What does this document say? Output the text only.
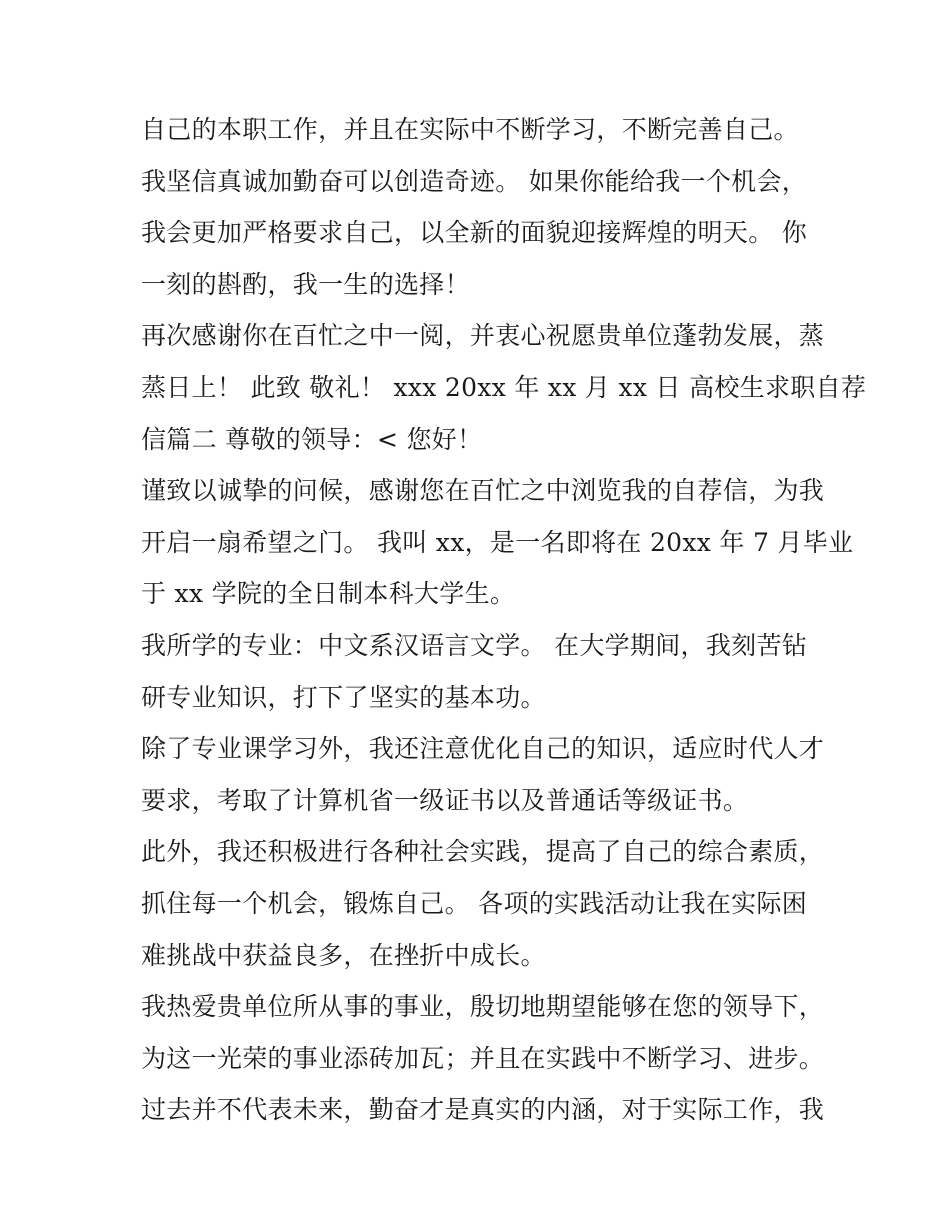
自己的本职工作，并且在实际中不断学习，不断完善自己。
我坚信真诚加勤奋可以创造奇迹。 如果你能给我一个机会，
我会更加严格要求自己，以全新的面貌迎接辉煌的明天。 你
一刻的斟酌，我一生的选择！
再次感谢你在百忙之中一阅，并衷心祝愿贵单位蓬勃发展，蒸
蒸日上！ 此致 敬礼！ xxx 20xx 年 xx 月 xx 日 高校生求职自荐
信篇二 尊敬的领导：< 您好！
谨致以诚挚的问候，感谢您在百忙之中浏览我的自荐信，为我
开启一扇希望之门。 我叫 xx，是一名即将在 20xx 年 7 月毕业
于 xx 学院的全日制本科大学生。
我所学的专业：中文系汉语言文学。 在大学期间，我刻苦钻
研专业知识，打下了坚实的基本功。
除了专业课学习外，我还注意优化自己的知识，适应时代人才
要求，考取了计算机省一级证书以及普通话等级证书。
此外，我还积极进行各种社会实践，提高了自己的综合素质，
抓住每一个机会，锻炼自己。 各项的实践活动让我在实际困
难挑战中获益良多，在挫折中成长。
我热爱贵单位所从事的事业，殷切地期望能够在您的领导下，
为这一光荣的事业添砖加瓦；并且在实践中不断学习、进步。
过去并不代表未来，勤奋才是真实的内涵，对于实际工作，我
